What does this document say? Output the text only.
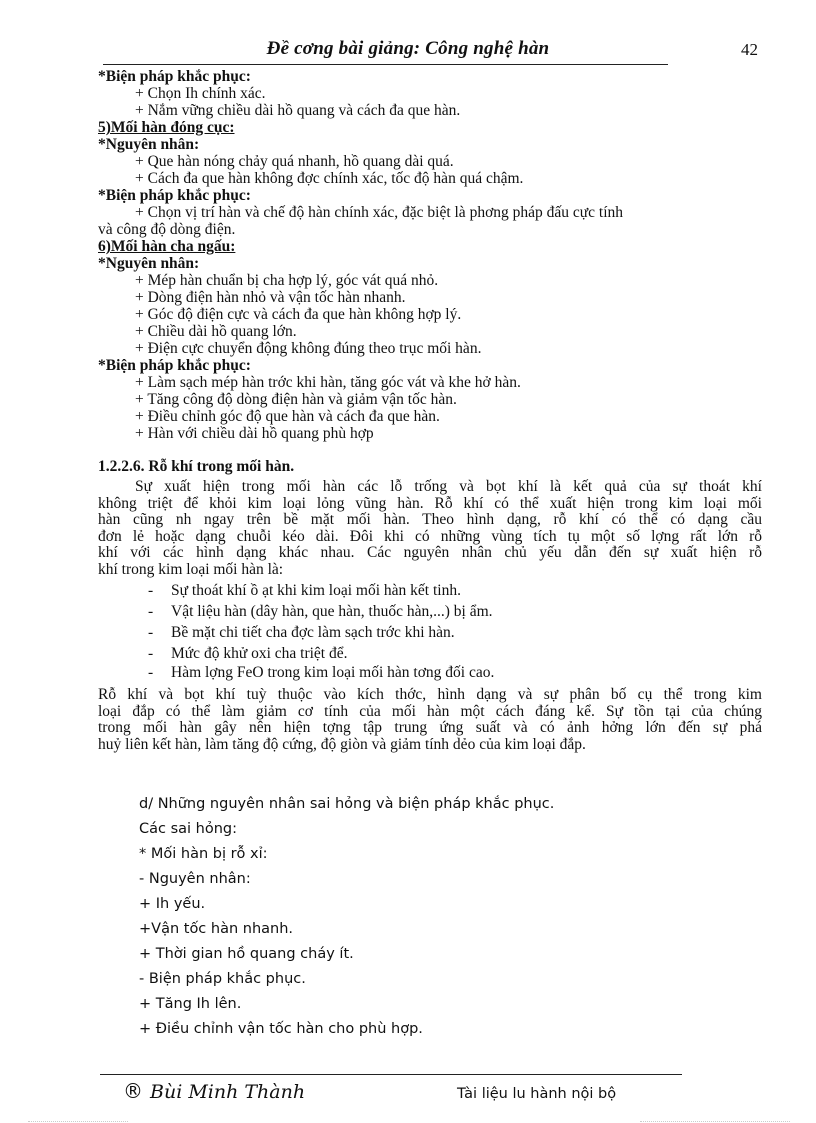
Đề cơng bài giảng: Công nghệ hàn	42
*Biện pháp khắc phục:
+ Chọn Ih chính xác.
+ Nắm vững chiều dài hồ quang và cách đa que hàn.
5)Mối hàn đóng cục:
*Nguyên nhân:
+ Que hàn nóng chảy quá nhanh, hồ quang dài quá.
+ Cách đa que hàn không đợc chính xác, tốc độ hàn quá chậm.
*Biện pháp khắc phục:
+ Chọn vị trí hàn và chế độ hàn chính xác, đặc biệt là phơng pháp đấu cực tính
và công độ dòng điện.
6)Mối hàn cha ngấu:
*Nguyên nhân:
+ Mép hàn chuẩn bị cha hợp lý, góc vát quá nhỏ.
+ Dòng điện hàn nhỏ và vận tốc hàn nhanh.
+ Góc độ điện cực và cách đa que hàn không hợp lý.
+ Chiều dài hồ quang lớn.
+ Điện cực chuyển động không đúng theo trục mối hàn.
*Biện pháp khắc phục:
+ Làm sạch mép hàn trớc khi hàn, tăng góc vát và khe hở hàn.
+ Tăng công độ dòng điện hàn và giảm vận tốc hàn.
+ Điều chỉnh góc độ que hàn và cách đa que hàn.
+ Hàn với chiều dài hồ quang phù hợp
1.2.2.6. Rỗ khí trong mối hàn.
Sự xuất hiện trong mối hàn các lỗ trống và bọt khí là kết quả của sự thoát khí
không triệt để khỏi kim loại lỏng vũng hàn. Rỗ khí có thể xuất hiện trong kim loại mối
hàn cũng nh ngay trên bề mặt mối hàn. Theo hình dạng, rỗ khí có thể có dạng cầu
đơn lẻ hoặc dạng chuỗi kéo dài. Đôi khi có những vùng tích tụ một số lợng rất lớn rỗ
khí với các hình dạng khác nhau. Các nguyên nhân chủ yếu dẫn đến sự xuất hiện rỗ
khí trong kim loại mối hàn là:
- Sự thoát khí ồ ạt khi kim loại mối hàn kết tinh.
- Vật liệu hàn (dây hàn, que hàn, thuốc hàn,...) bị ẩm.
- Bề mặt chi tiết cha đợc làm sạch trớc khi hàn.
- Mức độ khử oxi cha triệt để.
- Hàm lợng FeO trong kim loại mối hàn tơng đối cao.
Rỗ khí và bọt khí tuỳ thuộc vào kích thớc, hình dạng và sự phân bố cụ thể trong kim
loại đắp có thể làm giảm cơ tính của mối hàn một cách đáng kể. Sự tồn tại của chúng
trong mối hàn gây nên hiện tợng tập trung ứng suất và có ảnh hởng lớn đến sự phá
huỷ liên kết hàn, làm tăng độ cứng, độ giòn và giảm tính dẻo của kim loại đắp.
d/ Những nguyên nhân sai hỏng và biện pháp khắc phục.
Các sai hỏng:
* Mối hàn bị rỗ xỉ:
- Nguyên nhân:
+ Ih yếu.
+Vận tốc hàn nhanh.
+ Thời gian hồ quang cháy ít.
- Biện pháp khắc phục.
+ Tăng Ih lên.
+ Điều chỉnh vận tốc hàn cho phù hợp.
® Bùi Minh Thành	Tài liệu lu hành nội bộ
